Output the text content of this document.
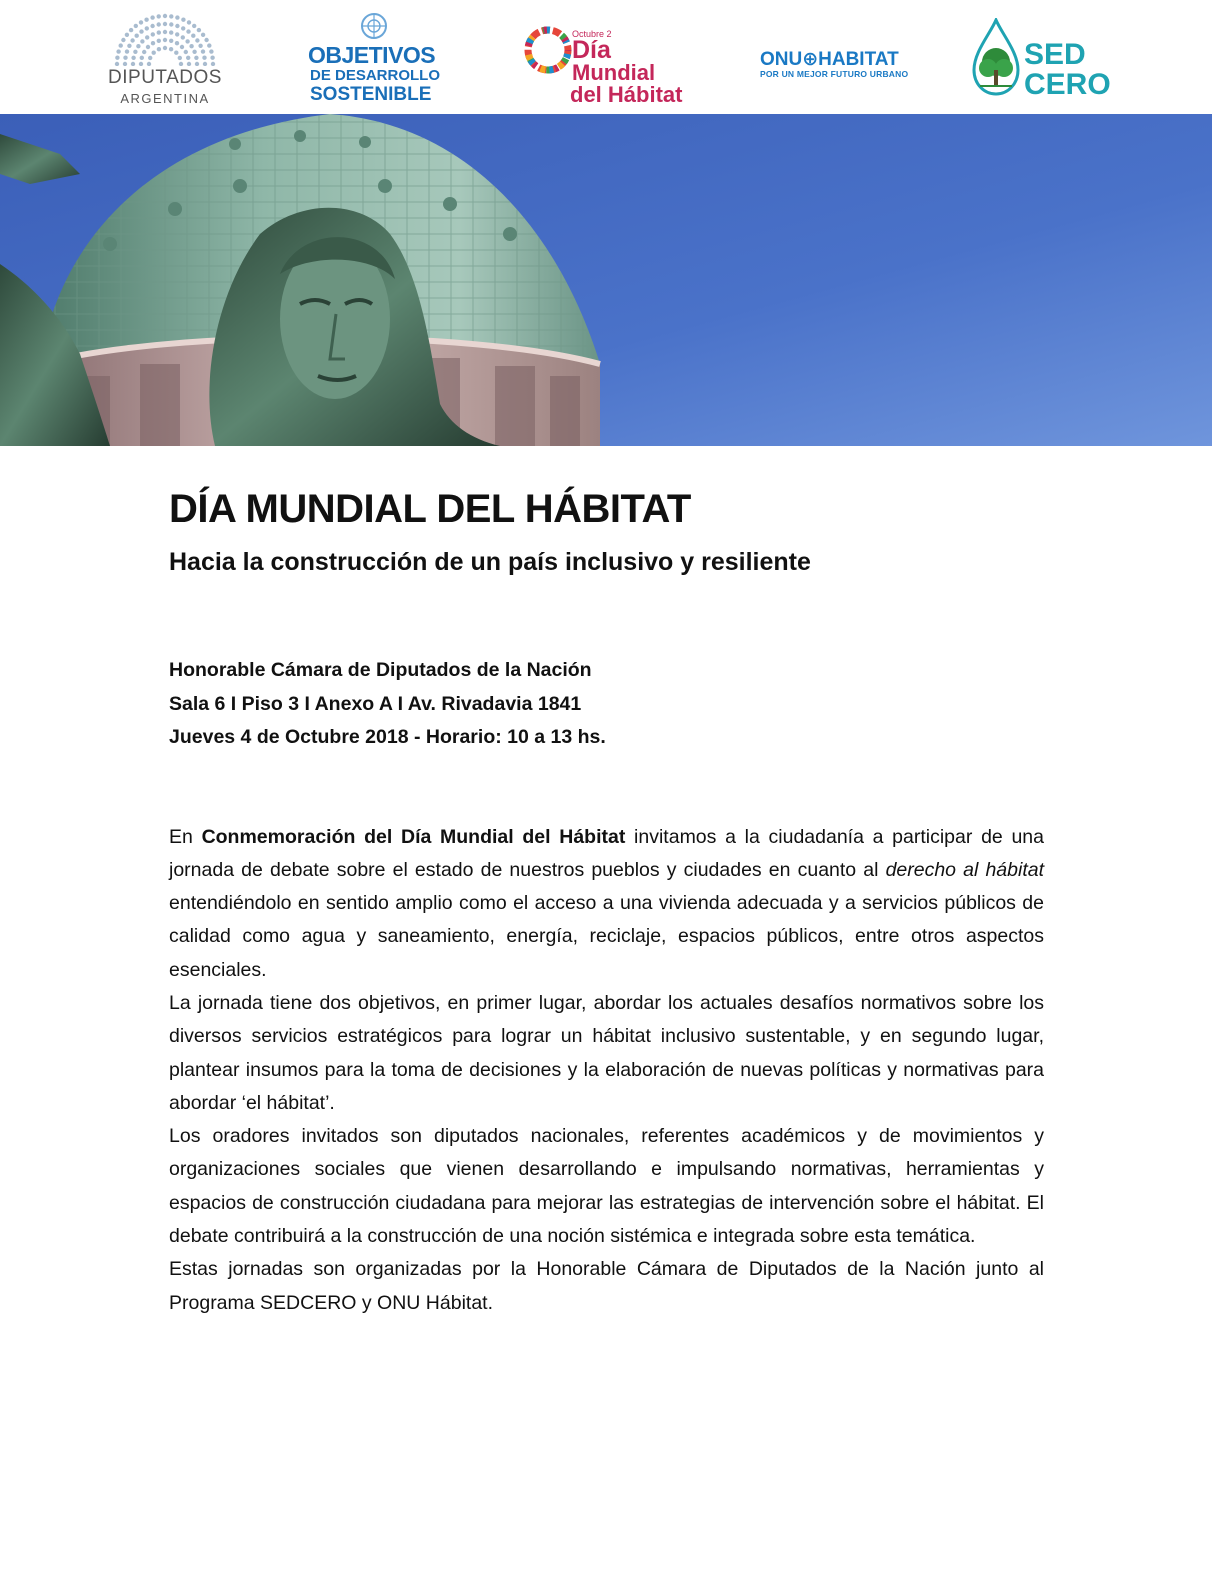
DIPUTADOS
ARGENTINA
OBJETIVOS
DE DESARROLLO
SOSTENIBLE
Octubre 2
Día
Mundial
del Hábitat
ONU⊕HABITAT
POR UN MEJOR FUTURO URBANO
SED
CERO
DÍA MUNDIAL DEL HÁBITAT
Hacia la construcción de un país inclusivo y resiliente
Honorable Cámara de Diputados de la Nación
Sala 6 I Piso 3 I Anexo A I Av. Rivadavia 1841
Jueves 4 de Octubre 2018 - Horario: 10 a 13 hs.

En Conmemoración del Día Mundial del Hábitat invitamos a la ciudadanía a participar de una jornada de debate sobre el estado de nuestros pueblos y ciudades en cuanto al derecho al hábitat entendiéndolo en sentido amplio como el acceso a una vivienda adecuada y a servicios públicos de calidad como agua y saneamiento, energía, reciclaje, espacios públicos, entre otros aspectos esenciales.

La jornada tiene dos objetivos, en primer lugar, abordar los actuales desafíos normativos sobre los diversos servicios estratégicos para lograr un hábitat inclusivo sustentable, y en segundo lugar, plantear insumos para la toma de decisiones y la elaboración de nuevas políticas y normativas para abordar ‘el hábitat’.

Los oradores invitados son diputados nacionales, referentes académicos y de movimientos y organizaciones sociales que vienen desarrollando e impulsando normativas, herramientas y espacios de construcción ciudadana para mejorar las estrategias de intervención sobre el hábitat. El debate contribuirá a la construcción de una noción sistémica e integrada sobre esta temática.

Estas jornadas son organizadas por la Honorable Cámara de Diputados de la Nación junto al Programa SEDCERO y ONU Hábitat.
